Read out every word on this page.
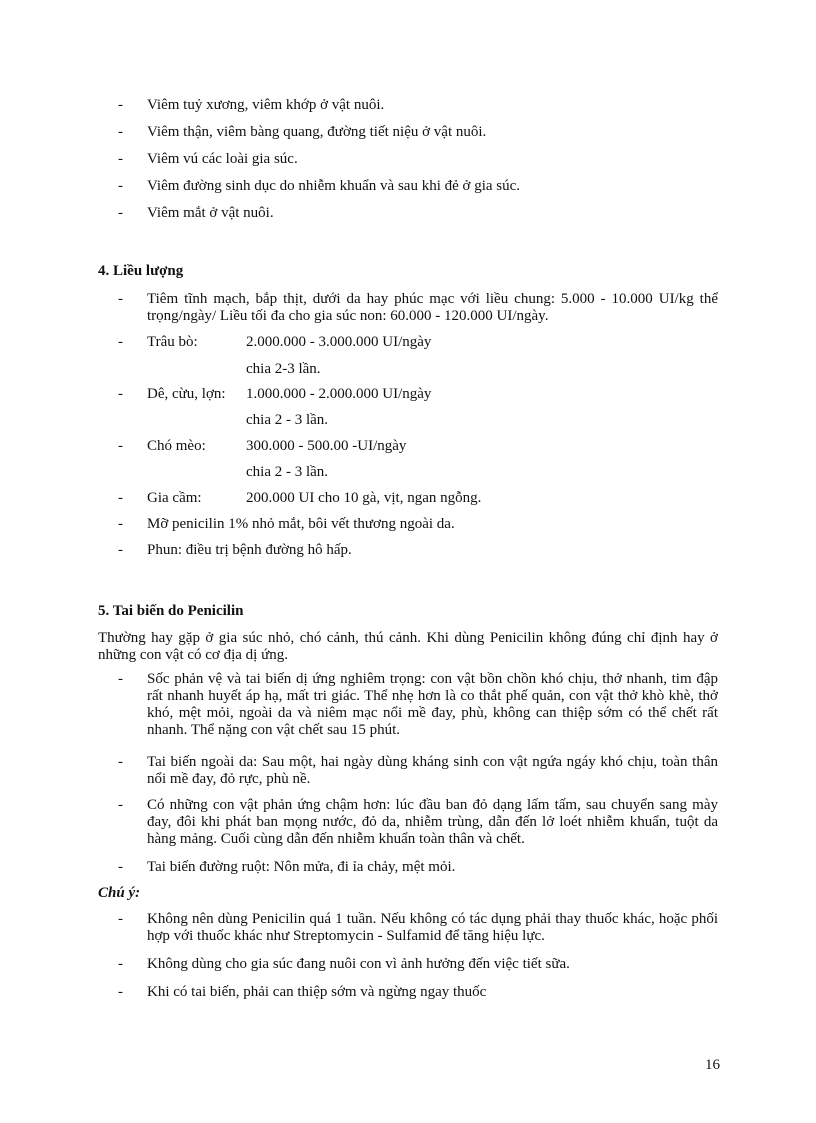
-	Viêm tuỷ xương, viêm khớp ở vật nuôi.
-	Viêm thận, viêm bàng quang, đường tiết niệu ở vật nuôi.
-	Viêm vú các loài gia súc.
-	Viêm đường sinh dục do nhiễm khuẩn và sau khi đẻ ở gia súc.
-	Viêm mắt ở vật nuôi.
4. Liều lượng
-	Tiêm tĩnh mạch, bắp thịt, dưới da hay phúc mạc với liều chung: 5.000 - 10.000 UI/kg thể trọng/ngày/ Liều tối đa cho gia súc non: 60.000 - 120.000 UI/ngày.
-	Trâu bò:	2.000.000 - 3.000.000 UI/ngày
chia 2-3 lần.
-	Dê, cừu, lợn:	1.000.000 - 2.000.000 UI/ngày
chia 2 - 3 lần.
-	Chó mèo:	300.000 - 500.00 -UI/ngày
chia 2 - 3 lần.
-	Gia cầm:	200.000 UI cho 10 gà, vịt, ngan ngỗng.
-	Mỡ penicilin 1% nhỏ mắt, bôi vết thương ngoài da.
-	Phun: điều trị bệnh đường hô hấp.
5. Tai biến do Penicilin
Thường hay gặp ở gia súc nhỏ, chó cảnh, thú cảnh. Khi dùng Penicilin không đúng chỉ định hay ở những con vật có cơ địa dị ứng.
-	Sốc phản vệ và tai biến dị ứng nghiêm trọng: con vật bồn chồn khó chịu, thở nhanh, tim đập rất nhanh huyết áp hạ, mất tri giác. Thể nhẹ hơn là co thắt phế quản, con vật thở khò khè, thở khó, mệt mỏi, ngoài da và niêm mạc nổi mề đay, phù, không can thiệp sớm có thể chết rất nhanh. Thể nặng con vật chết sau 15 phút.
-	Tai biến ngoài da: Sau một, hai ngày dùng kháng sinh con vật ngứa ngáy khó chịu, toàn thân nổi mề đay, đỏ rực, phù nề.
-	Có những con vật phản ứng chậm hơn: lúc đầu ban đỏ dạng lấm tấm, sau chuyển sang mày đay, đôi khi phát ban mọng nước, đỏ da, nhiễm trùng, dẫn đến lở loét nhiễm khuẩn, tuột da hàng mảng. Cuối cùng dẫn đến nhiễm khuẩn toàn thân và chết.
-	Tai biến đường ruột: Nôn mửa, đi ỉa chảy, mệt mỏi.
Chú ý:
-	Không nên dùng Penicilin quá 1 tuần. Nếu không có tác dụng phải thay thuốc khác, hoặc phối hợp với thuốc khác như Streptomycin - Sulfamid để tăng hiệu lực.
-	Không dùng cho gia súc đang nuôi con vì ảnh hưởng đến việc tiết sữa.
-	Khi có tai biến, phải can thiệp sớm và ngừng ngay thuốc
16
